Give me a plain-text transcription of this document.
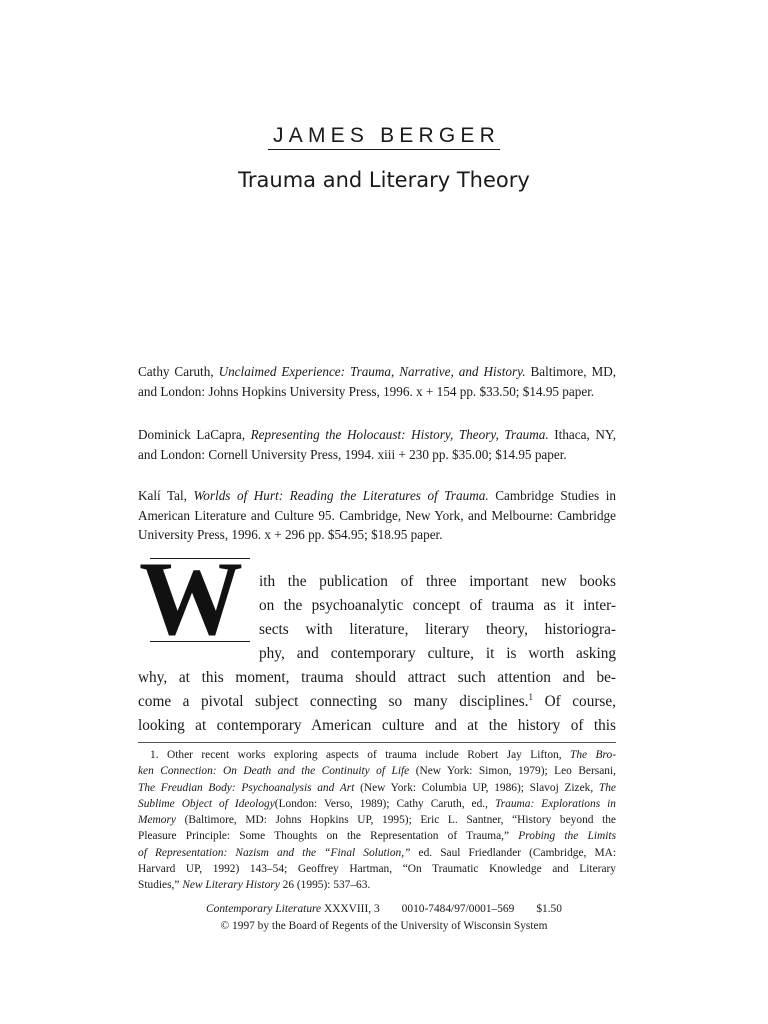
JAMES BERGER
Trauma and Literary Theory
Cathy Caruth, Unclaimed Experience: Trauma, Narrative, and History. Baltimore, MD, and London: Johns Hopkins University Press, 1996. x + 154 pp. $33.50; $14.95 paper.
Dominick LaCapra, Representing the Holocaust: History, Theory, Trauma. Ithaca, NY, and London: Cornell University Press, 1994. xiii + 230 pp. $35.00; $14.95 paper.
Kalí Tal, Worlds of Hurt: Reading the Literatures of Trauma. Cambridge Studies in American Literature and Culture 95. Cambridge, New York, and Melbourne: Cambridge University Press, 1996. x + 296 pp. $54.95; $18.95 paper.
W ith the publication of three important new books
on the psychoanalytic concept of trauma as it inter-
sects with literature, literary theory, historiogra-
phy, and contemporary culture, it is worth asking
why, at this moment, trauma should attract such attention and be-
come a pivotal subject connecting so many disciplines.$^1$ Of course,
looking at contemporary American culture and at the history of this
1. Other recent works exploring aspects of trauma include Robert Jay Lifton, The Bro-
ken Connection: On Death and the Continuity of Life (New York: Simon, 1979); Leo Bersani,
The Freudian Body: Psychoanalysis and Art (New York: Columbia UP, 1986); Slavoj Zizek, The
Sublime Object of Ideology(London: Verso, 1989); Cathy Caruth, ed., Trauma: Explorations in
Memory (Baltimore, MD: Johns Hopkins UP, 1995); Eric L. Santner, “History beyond the
Pleasure Principle: Some Thoughts on the Representation of Trauma,” Probing the Limits
of Representation: Nazism and the “Final Solution,” ed. Saul Friedlander (Cambridge, MA:
Harvard UP, 1992) 143–54; Geoffrey Hartman, “On Traumatic Knowledge and Literary
Studies,” New Literary History 26 (1995): 537–63.
Contemporary Literature XXXVIII, 3 0010-7484/97/0001–569 $1.50
© 1997 by the Board of Regents of the University of Wisconsin System
